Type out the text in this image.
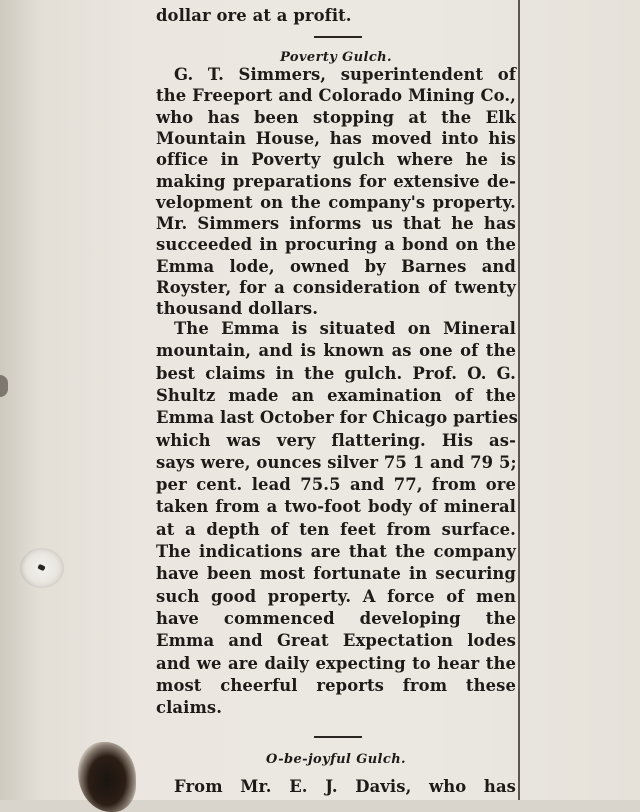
dollar ore at a profit.
Poverty Gulch.
G. T. Simmers, superintendent of
the Freeport and Colorado Mining Co.,
who has been stopping at the Elk
Mountain House, has moved into his
office in Poverty gulch where he is
making preparations for extensive de-
velopment on the company's property.
Mr. Simmers informs us that he has
succeeded in procuring a bond on the
Emma lode, owned by Barnes and
Royster, for a consideration of twenty
thousand dollars.
The Emma is situated on Mineral
mountain, and is known as one of the
best claims in the gulch. Prof. O. G.
Shultz made an examination of the
Emma last October for Chicago parties
which was very flattering. His as-
says were, ounces silver 75 1 and 79 5;
per cent. lead 75.5 and 77, from ore
taken from a two-foot body of mineral
at a depth of ten feet from surface.
The indications are that the company
have been most fortunate in securing
such good property. A force of men
have commenced developing the
Emma and Great Expectation lodes
and we are daily expecting to hear the
most cheerful reports from these
claims.
O-be-joyful Gulch.
From Mr. E. J. Davis, who has
